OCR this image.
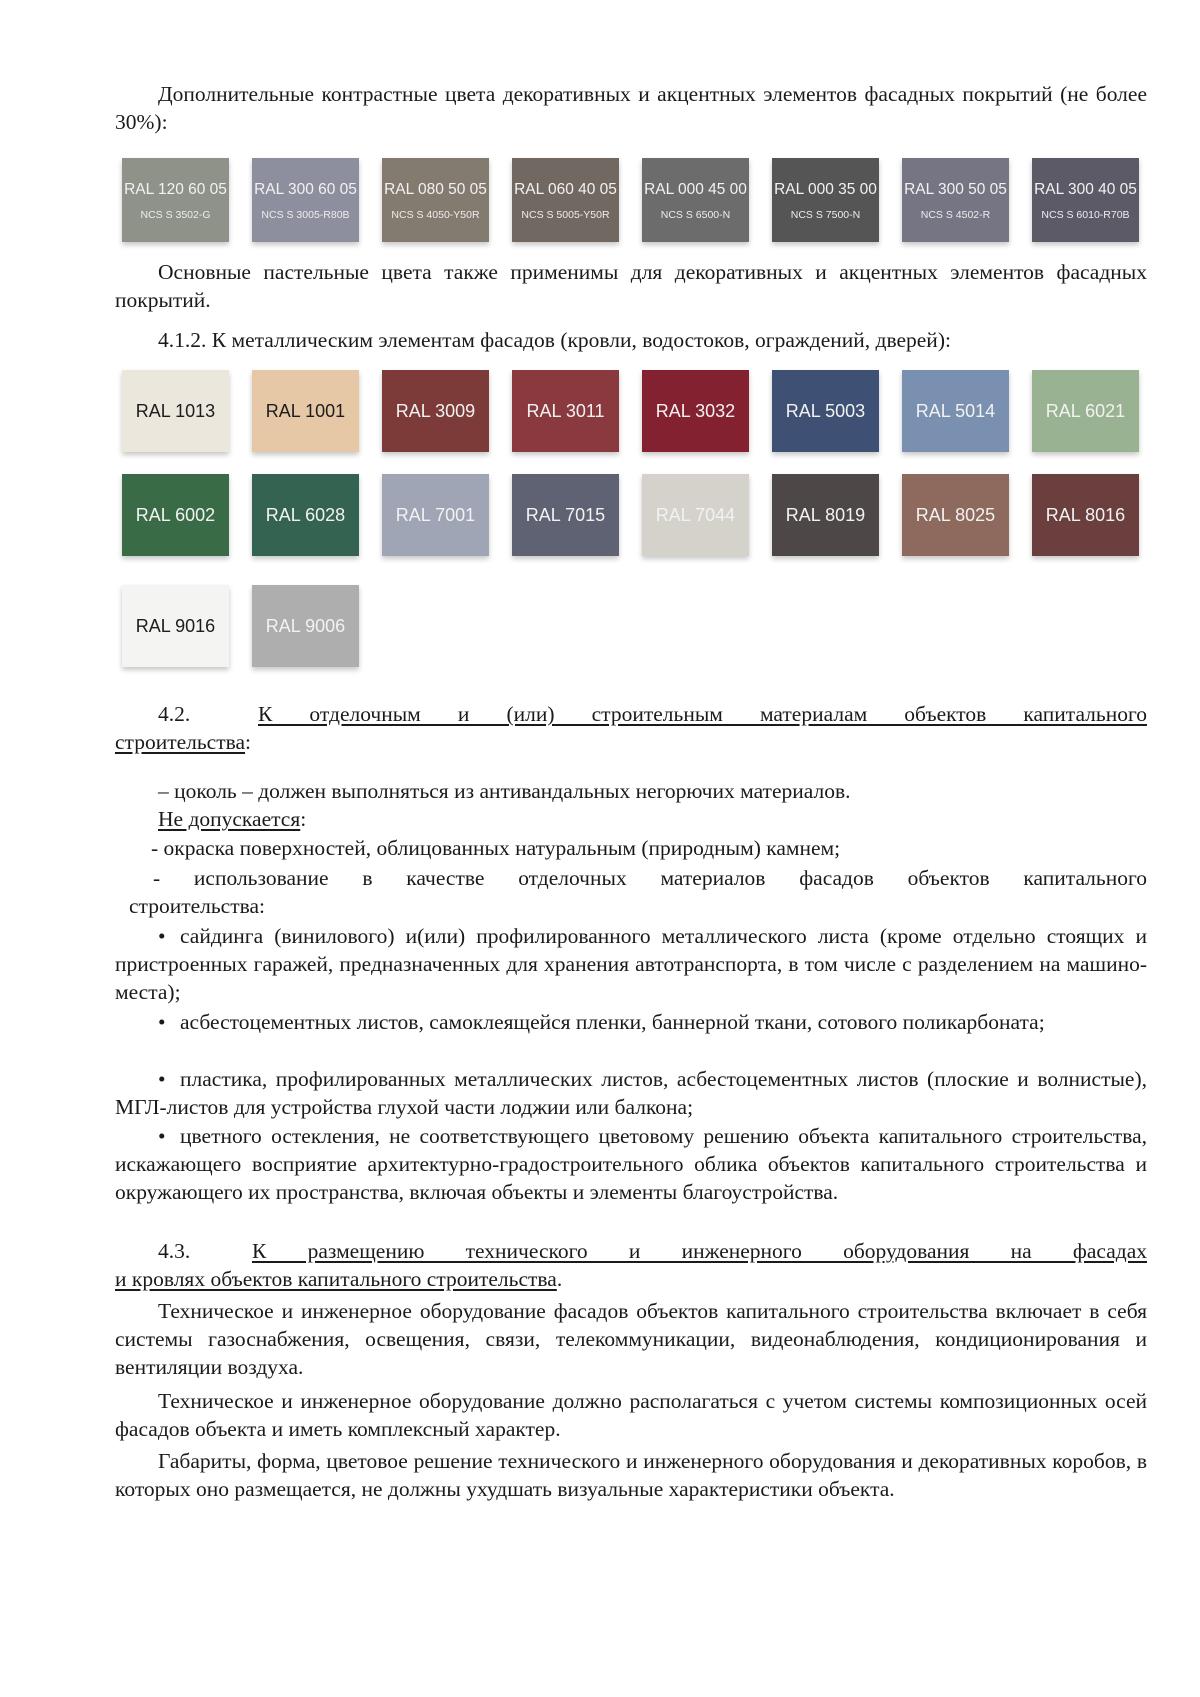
Дополнительные контрастные цвета декоративных и акцентных элементов фасадных покрытий (не более 30%):

RAL 120 60 05
NCS S 3502-G
RAL 300 60 05
NCS S 3005-R80B
RAL 080 50 05
NCS S 4050-Y50R
RAL 060 40 05
NCS S 5005-Y50R
RAL 000 45 00
NCS S 6500-N
RAL 000 35 00
NCS S 7500-N
RAL 300 50 05
NCS S 4502-R
RAL 300 40 05
NCS S 6010-R70B

Основные пастельные цвета также применимы для декоративных и акцентных элементов фасадных покрытий.

4.1.2. К металлическим элементам фасадов (кровли, водостоков, ограждений, дверей):

RAL 1013	RAL 1001	RAL 3009	RAL 3011	RAL 3032	RAL 5003	RAL 5014	RAL 6021
RAL 6002	RAL 6028	RAL 7001	RAL 7015	RAL 7044	RAL 8019	RAL 8025	RAL 8016
RAL 9016	RAL 9006
4.2.	К отделочным и (или) строительным материалам объектов капитального
строительства:

– цоколь – должен выполняться из антивандальных негорючих материалов.

Не допускается:

- окраска поверхностей, облицованных натуральным (природным) камнем;

- использование в качестве отделочных материалов фасадов объектов капитального
строительства:

• сайдинга (винилового) и(или) профилированного металлического листа (кроме отдельно стоящих и пристроенных гаражей, предназначенных для хранения автотранспорта, в том числе с разделением на машино-места);

• асбестоцементных листов, самоклеящейся пленки, баннерной ткани, сотового поликарбоната;

• пластика, профилированных металлических листов, асбестоцементных листов (плоские и волнистые), МГЛ-листов для устройства глухой части лоджии или балкона;

• цветного остекления, не соответствующего цветовому решению объекта капитального строительства, искажающего восприятие архитектурно-градостроительного облика объектов капитального строительства и окружающего их пространства, включая объекты и элементы благоустройства.

4.3.	К размещению технического и инженерного оборудования на фасадах
и кровлях объектов капитального строительства.

Техническое и инженерное оборудование фасадов объектов капитального строительства включает в себя системы газоснабжения, освещения, связи, телекоммуникации, видеонаблюдения, кондиционирования и вентиляции воздуха.

Техническое и инженерное оборудование должно располагаться с учетом системы композиционных осей фасадов объекта и иметь комплексный характер.

Габариты, форма, цветовое решение технического и инженерного оборудования и декоративных коробов, в которых оно размещается, не должны ухудшать визуальные характеристики объекта.
